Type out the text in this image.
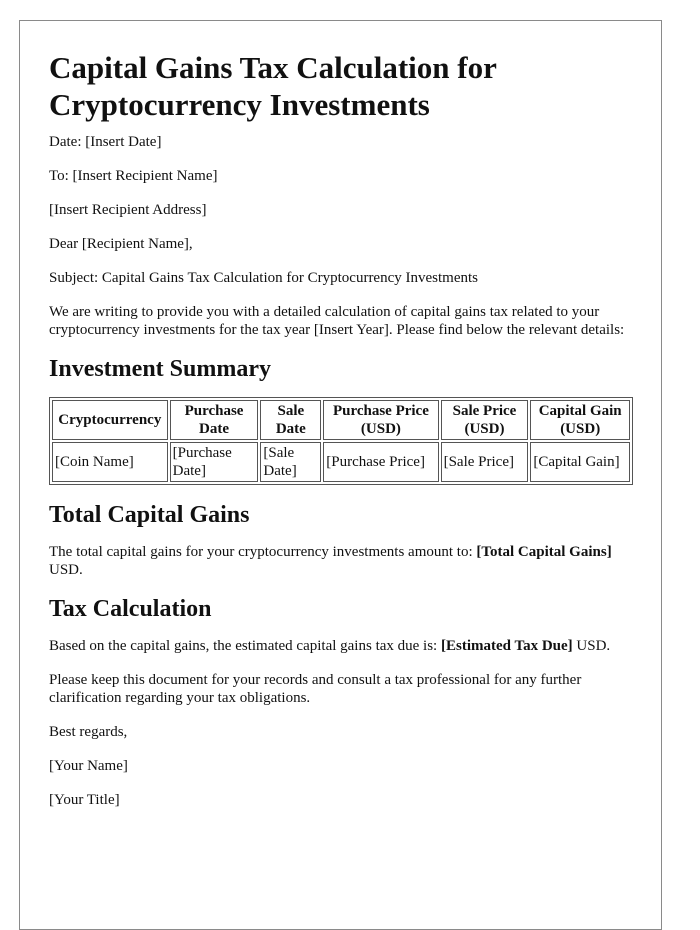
Capital Gains Tax Calculation for Cryptocurrency Investments

Date: [Insert Date]

To: [Insert Recipient Name]

[Insert Recipient Address]

Dear [Recipient Name],

Subject: Capital Gains Tax Calculation for Cryptocurrency Investments

We are writing to provide you with a detailed calculation of capital gains tax related to your cryptocurrency investments for the tax year [Insert Year]. Please find below the relevant details:

Investment Summary
Cryptocurrency	Purchase Date	Sale Date	Purchase Price (USD)	Sale Price (USD)	Capital Gain (USD)
[Coin Name]	[Purchase Date]	[Sale Date]	[Purchase Price]	[Sale Price]	[Capital Gain]
Total Capital Gains

The total capital gains for your cryptocurrency investments amount to: [Total Capital Gains] USD.

Tax Calculation

Based on the capital gains, the estimated capital gains tax due is: [Estimated Tax Due] USD.

Please keep this document for your records and consult a tax professional for any further clarification regarding your tax obligations.

Best regards,

[Your Name]

[Your Title]
